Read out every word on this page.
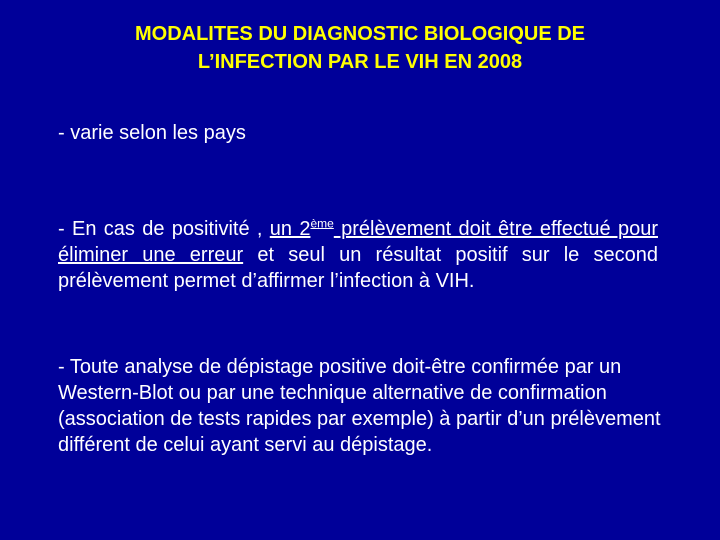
MODALITES DU DIAGNOSTIC BIOLOGIQUE DE
L’INFECTION PAR LE VIH EN 2008

- varie selon les pays

- En cas de positivité , un 2ème prélèvement doit être effectué pour éliminer une erreur et seul un résultat positif sur le second prélèvement permet d’affirmer l’infection à VIH.

- Toute analyse de dépistage positive doit-être confirmée par un Western-Blot ou par une technique alternative de confirmation (association de tests rapides par exemple) à partir d’un prélèvement différent de celui ayant servi au dépistage.
